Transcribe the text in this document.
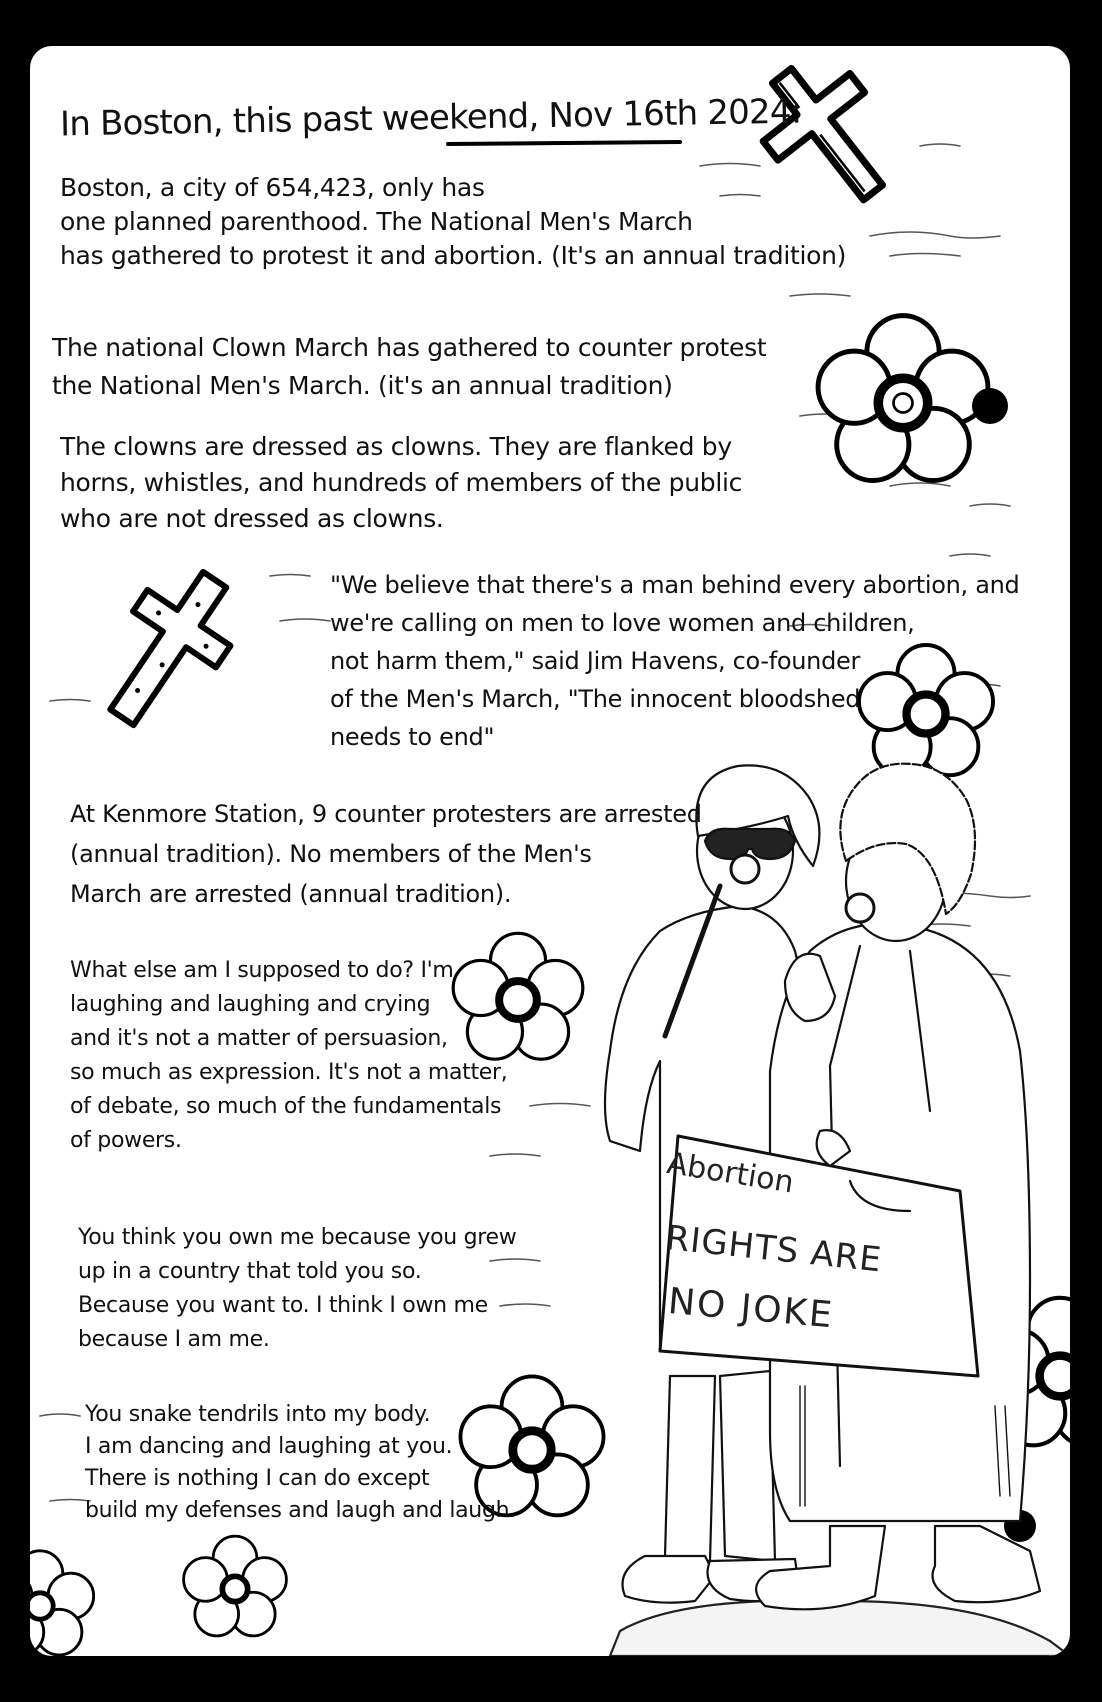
Abortion
RIGHTS ARE
NO JOKE
In Boston, this past weekend, Nov 16th 2024:
Boston, a city of 654,423, only has
one planned parenthood. The National Men's March
has gathered to protest it and abortion. (It's an annual tradition)
The national Clown March has gathered to counter protest
the National Men's March. (it's an annual tradition)
The clowns are dressed as clowns. They are flanked by
horns, whistles, and hundreds of members of the public
who are not dressed as clowns.
"We believe that there's a man behind every abortion, and
we're calling on men to love women and children,
not harm them," said Jim Havens, co-founder
of the Men's March, "The innocent bloodshed
needs to end"
At Kenmore Station, 9 counter protesters are arrested
(annual tradition). No members of the Men's
March are arrested (annual tradition).
What else am I supposed to do? I'm
laughing and laughing and crying
and it's not a matter of persuasion,
so much as expression. It's not a matter,
of debate, so much of the fundamentals
of powers.
You think you own me because you grew
up in a country that told you so.
Because you want to. I think I own me
because I am me.
You snake tendrils into my body.
I am dancing and laughing at you.
There is nothing I can do except
build my defenses and laugh and laugh.
